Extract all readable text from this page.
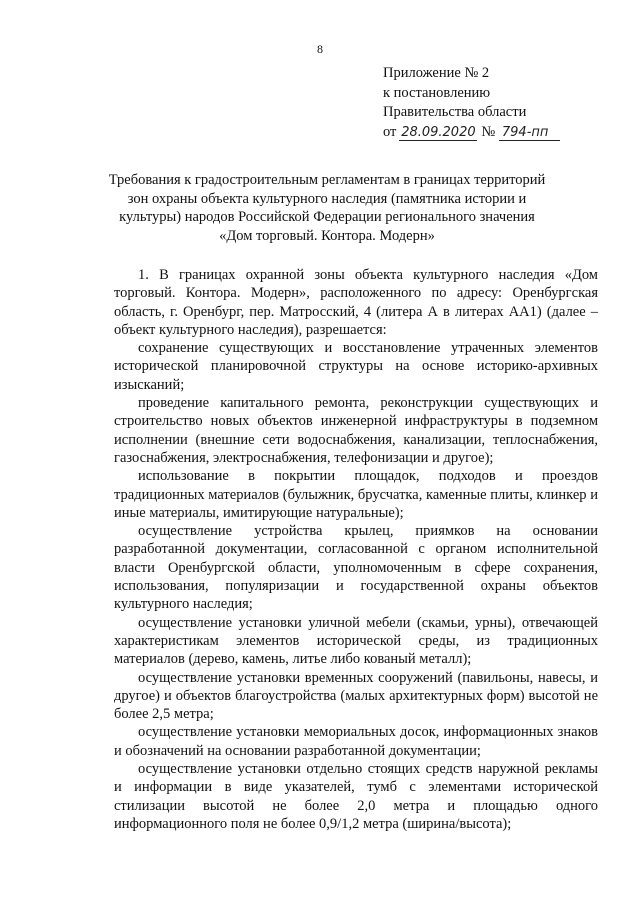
8
Приложение № 2
к постановлению
Правительства области
от 28.09.2020 № 794-пп
Требования к градостроительным регламентам в границах территорий зон охраны объекта культурного наследия (памятника истории и культуры) народов Российской Федерации регионального значения «Дом торговый. Контора. Модерн»

1. В границах охранной зоны объекта культурного наследия «Дом торговый. Контора. Модерн», расположенного по адресу: Оренбургская область, г. Оренбург, пер. Матросский, 4 (литера А в литерах АА1) (далее – объект культурного наследия), разрешается:

сохранение существующих и восстановление утраченных элементов исторической планировочной структуры на основе историко-архивных изысканий;

проведение капитального ремонта, реконструкции существующих и строительство новых объектов инженерной инфраструктуры в подземном исполнении (внешние сети водоснабжения, канализации, теплоснабжения, газоснабжения, электроснабжения, телефонизации и другое);

использование в покрытии площадок, подходов и проездов традиционных материалов (булыжник, брусчатка, каменные плиты, клинкер и иные материалы, имитирующие натуральные);

осуществление устройства крылец, приямков на основании разработанной документации, согласованной с органом исполнительной власти Оренбургской области, уполномоченным в сфере сохранения, использования, популяризации и государственной охраны объектов культурного наследия;

осуществление установки уличной мебели (скамьи, урны), отвечающей характеристикам элементов исторической среды, из традиционных материалов (дерево, камень, литье либо кованый металл);

осуществление установки временных сооружений (павильоны, навесы, и другое) и объектов благоустройства (малых архитектурных форм) высотой не более 2,5 метра;

осуществление установки мемориальных досок, информационных знаков и обозначений на основании разработанной документации;

осуществление установки отдельно стоящих средств наружной рекламы и информации в виде указателей, тумб с элементами исторической стилизации высотой не более 2,0 метра и площадью одного информационного поля не более 0,9/1,2 метра (ширина/высота);
